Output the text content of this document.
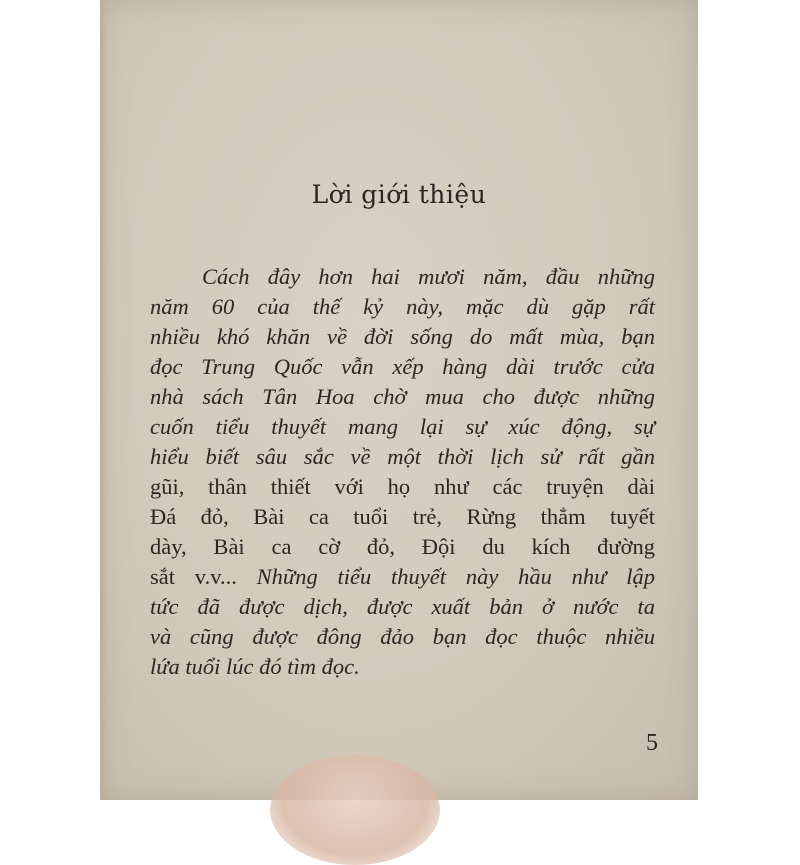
Lời giới thiệu
Cách đây hơn hai mươi năm, đầu những
năm 60 của thế kỷ này, mặc dù gặp rất
nhiều khó khăn về đời sống do mất mùa, bạn
đọc Trung Quốc vẫn xếp hàng dài trước cửa
nhà sách Tân Hoa chờ mua cho được những
cuốn tiểu thuyết mang lại sự xúc động, sự
hiểu biết sâu sắc về một thời lịch sử rất gần
gũi, thân thiết với họ như các truyện dài
Đá đỏ, Bài ca tuổi trẻ, Rừng thẳm tuyết
dày, Bài ca cờ đỏ, Đội du kích đường
sắt v.v... Những tiểu thuyết này hầu như lập
tức đã được dịch, được xuất bản ở nước ta
và cũng được đông đảo bạn đọc thuộc nhiều
lứa tuổi lúc đó tìm đọc.
5
